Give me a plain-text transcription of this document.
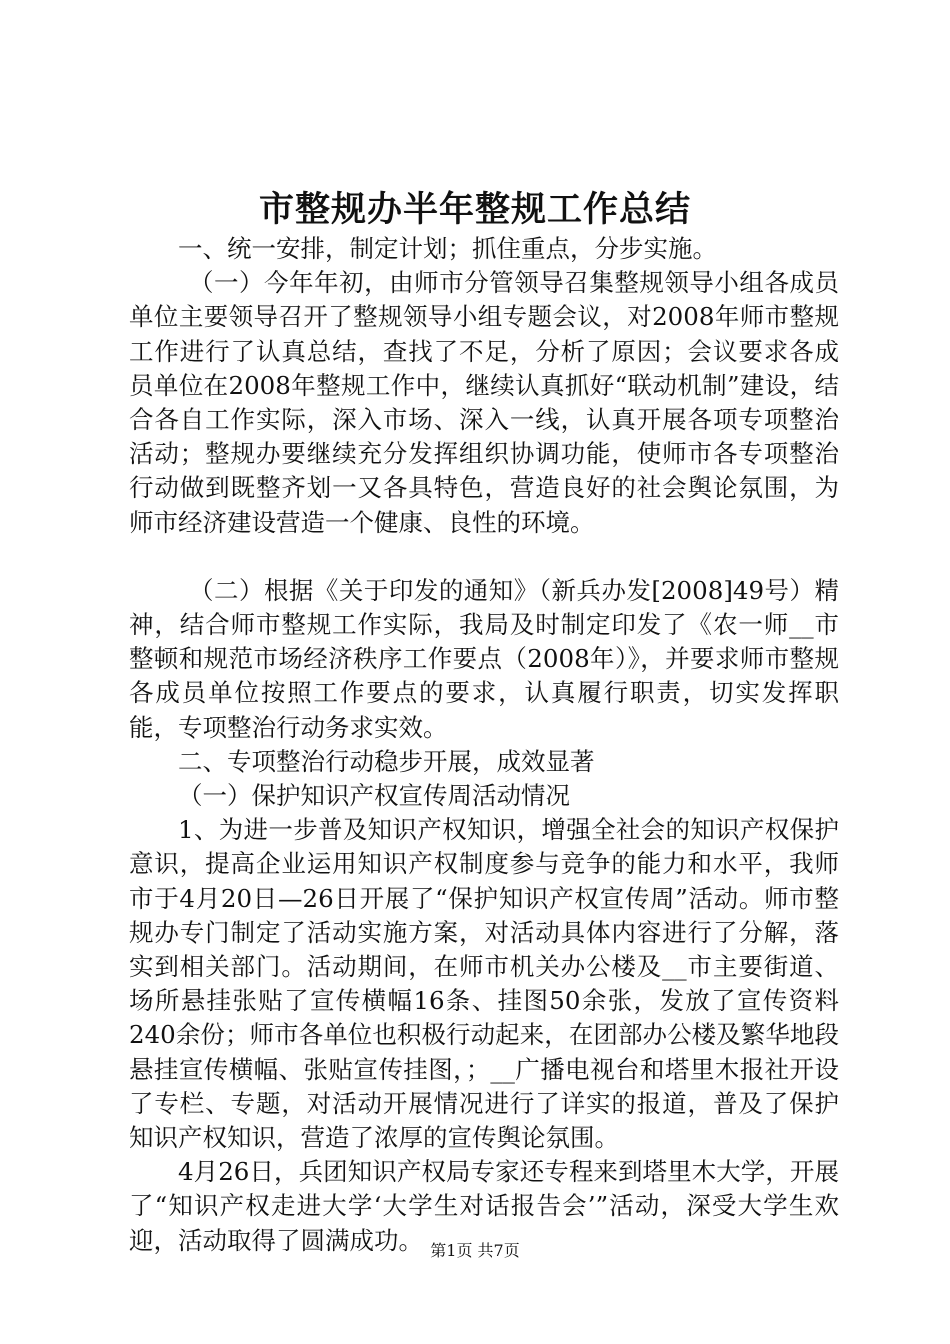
市整规办半年整规工作总结

一、统一安排，制定计划；抓住重点，分步实施。

（一）今年年初，由师市分管领导召集整规领导小组各成员单位主要领导召开了整规领导小组专题会议，对2008年师市整规工作进行了认真总结，查找了不足，分析了原因；会议要求各成员单位在2008年整规工作中，继续认真抓好“联动机制”建设，结合各自工作实际，深入市场、深入一线，认真开展各项专项整治活动；整规办要继续充分发挥组织协调功能，使师市各专项整治行动做到既整齐划一又各具特色，营造良好的社会舆论氛围，为师市经济建设营造一个健康、良性的环境。

（二）根据《关于印发的通知》（新兵办发[2008]49号）精神，结合师市整规工作实际，我局及时制定印发了《农一师__市整顿和规范市场经济秩序工作要点（2008年）》，并要求师市整规各成员单位按照工作要点的要求，认真履行职责，切实发挥职能，专项整治行动务求实效。

二、专项整治行动稳步开展，成效显著

（一）保护知识产权宣传周活动情况

1、为进一步普及知识产权知识，增强全社会的知识产权保护意识，提高企业运用知识产权制度参与竞争的能力和水平，我师市于4月20日—26日开展了“保护知识产权宣传周”活动。师市整规办专门制定了活动实施方案，对活动具体内容进行了分解，落实到相关部门。活动期间，在师市机关办公楼及__市主要街道、场所悬挂张贴了宣传横幅16条、挂图50余张，发放了宣传资料240余份；师市各单位也积极行动起来，在团部办公楼及繁华地段悬挂宣传横幅、张贴宣传挂图，；__广播电视台和塔里木报社开设了专栏、专题，对活动开展情况进行了详实的报道，普及了保护知识产权知识，营造了浓厚的宣传舆论氛围。

4月26日，兵团知识产权局专家还专程来到塔里木大学，开展了“知识产权走进大学‘大学生对话报告会’”活动，深受大学生欢迎，活动取得了圆满成功。 第1页 共7页
